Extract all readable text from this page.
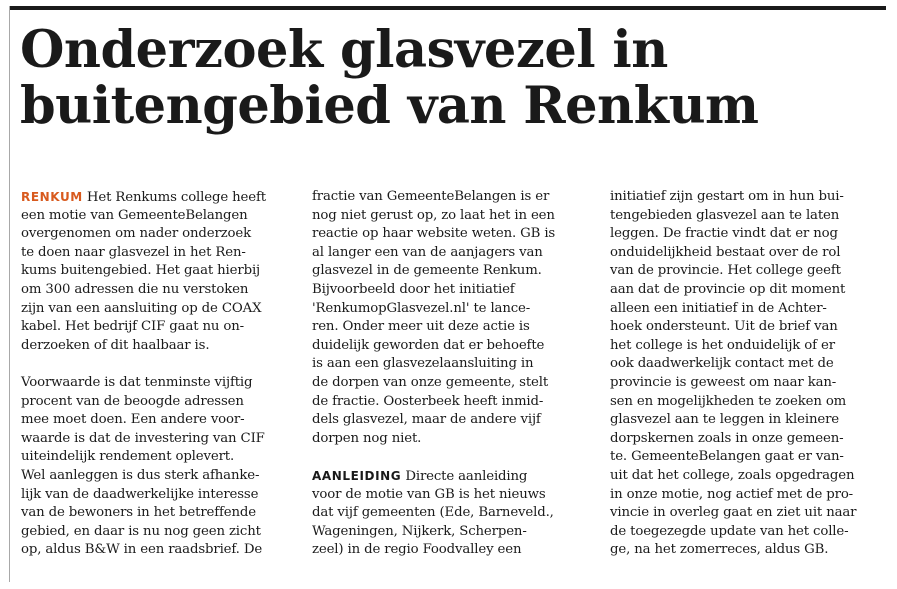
Onderzoek glasvezel in
buitengebied van Renkum
RENKUM Het Renkums college heeft
een motie van GemeenteBelangen
overgenomen om nader onderzoek
te doen naar glasvezel in het Ren-
kums buitengebied. Het gaat hierbij
om 300 adressen die nu verstoken
zijn van een aansluiting op de COAX
kabel. Het bedrijf CIF gaat nu on-
derzoeken of dit haalbaar is.
Voorwaarde is dat tenminste vijftig
procent van de beoogde adressen
mee moet doen. Een andere voor-
waarde is dat de investering van CIF
uiteindelijk rendement oplevert.
Wel aanleggen is dus sterk afhanke-
lijk van de daadwerkelijke interesse
van de bewoners in het betreffende
gebied, en daar is nu nog geen zicht
op, aldus B&W in een raadsbrief. De
fractie van GemeenteBelangen is er
nog niet gerust op, zo laat het in een
reactie op haar website weten. GB is
al langer een van de aanjagers van
glasvezel in de gemeente Renkum.
Bijvoorbeeld door het initiatief
'RenkumopGlasvezel.nl' te lance-
ren. Onder meer uit deze actie is
duidelijk geworden dat er behoefte
is aan een glasvezelaansluiting in
de dorpen van onze gemeente, stelt
de fractie. Oosterbeek heeft inmid-
dels glasvezel, maar de andere vijf
dorpen nog niet.
AANLEIDING Directe aanleiding
voor de motie van GB is het nieuws
dat vijf gemeenten (Ede, Barneveld.,
Wageningen, Nijkerk, Scherpen-
zeel) in de regio Foodvalley een
initiatief zijn gestart om in hun bui-
tengebieden glasvezel aan te laten
leggen. De fractie vindt dat er nog
onduidelijkheid bestaat over de rol
van de provincie. Het college geeft
aan dat de provincie op dit moment
alleen een initiatief in de Achter-
hoek ondersteunt. Uit de brief van
het college is het onduidelijk of er
ook daadwerkelijk contact met de
provincie is geweest om naar kan-
sen en mogelijkheden te zoeken om
glasvezel aan te leggen in kleinere
dorpskernen zoals in onze gemeen-
te. GemeenteBelangen gaat er van-
uit dat het college, zoals opgedragen
in onze motie, nog actief met de pro-
vincie in overleg gaat en ziet uit naar
de toegezegde update van het colle-
ge, na het zomerreces, aldus GB.
